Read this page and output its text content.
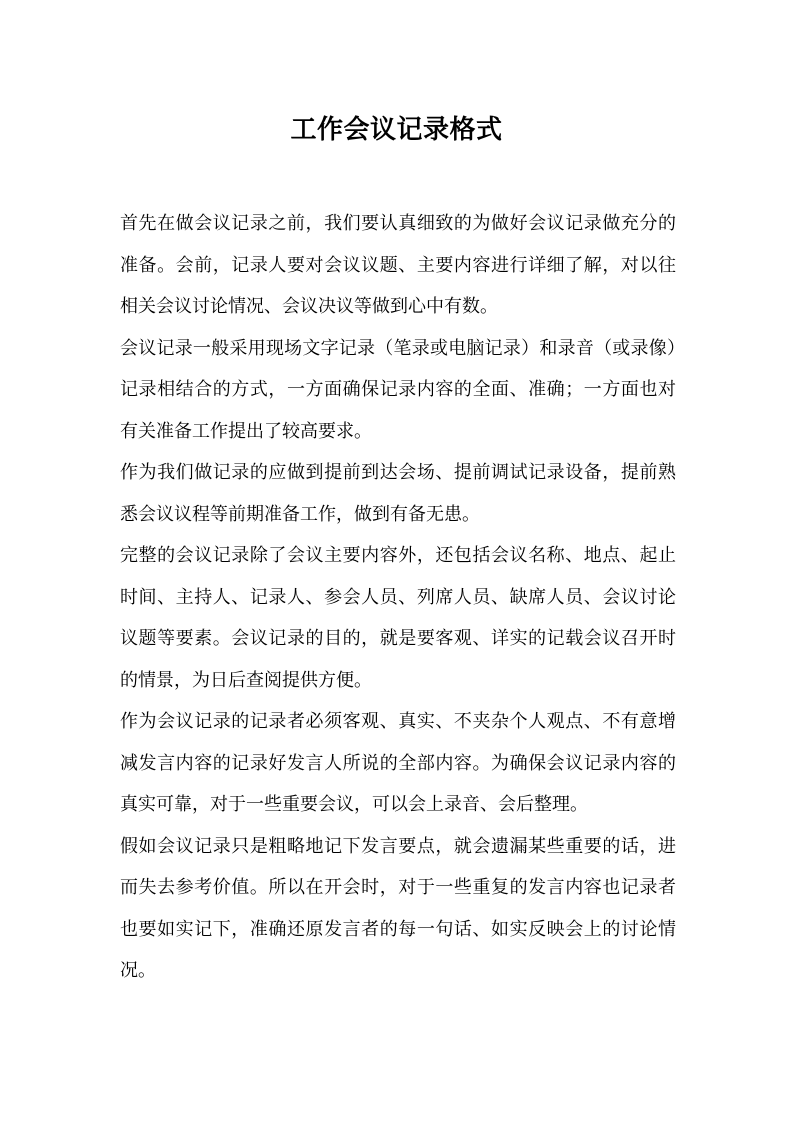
工作会议记录格式

首先在做会议记录之前，我们要认真细致的为做好会议记录做充分的准备。会前，记录人要对会议议题、主要内容进行详细了解，对以往相关会议讨论情况、会议决议等做到心中有数。

会议记录一般采用现场文字记录（笔录或电脑记录）和录音（或录像）记录相结合的方式，一方面确保记录内容的全面、准确；一方面也对有关准备工作提出了较高要求。

作为我们做记录的应做到提前到达会场、提前调试记录设备，提前熟悉会议议程等前期准备工作，做到有备无患。

完整的会议记录除了会议主要内容外，还包括会议名称、地点、起止时间、主持人、记录人、参会人员、列席人员、缺席人员、会议讨论议题等要素。会议记录的目的，就是要客观、详实的记载会议召开时的情景，为日后查阅提供方便。

作为会议记录的记录者必须客观、真实、不夹杂个人观点、不有意增减发言内容的记录好发言人所说的全部内容。为确保会议记录内容的真实可靠，对于一些重要会议，可以会上录音、会后整理。

假如会议记录只是粗略地记下发言要点，就会遗漏某些重要的话，进而失去参考价值。所以在开会时，对于一些重复的发言内容也记录者也要如实记下，准确还原发言者的每一句话、如实反映会上的讨论情况。
